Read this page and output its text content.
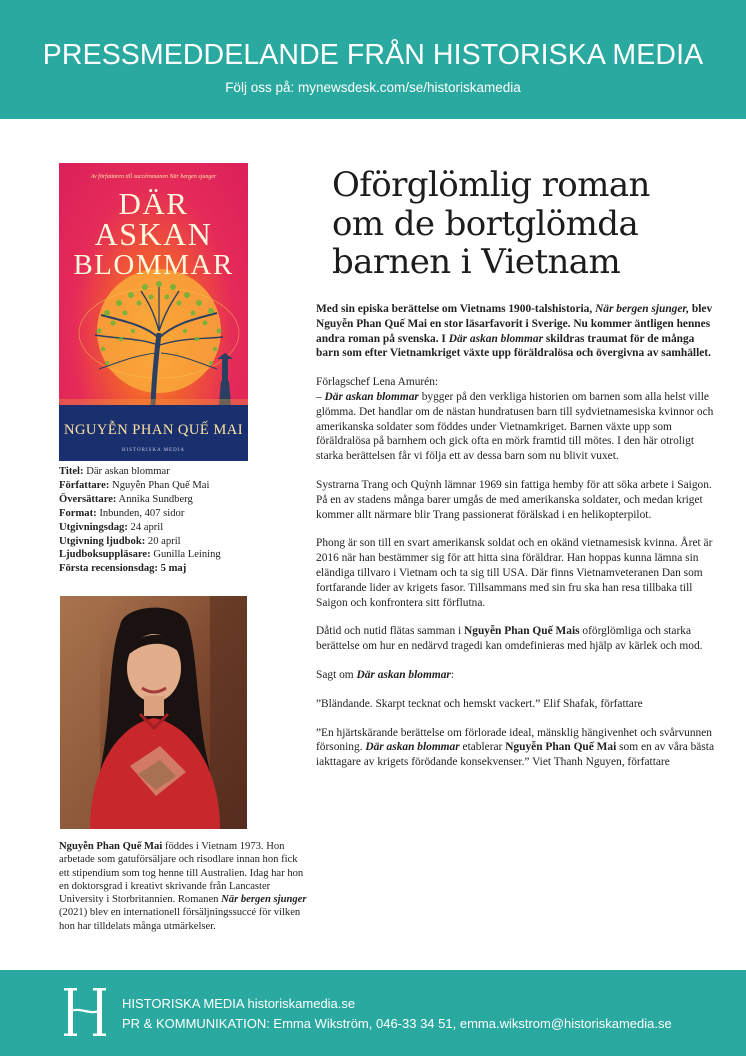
PRESSMEDDELANDE FRÅN HISTORISKA MEDIA
Följ oss på: mynewsdesk.com/se/historiskamedia
Av författaren till succéromanen När bergen sjunger
DÄR
ASKAN
BLOMMAR
NGUYỄN PHAN QUẾ MAI
HISTORISKA MEDIA
Titel: Där askan blommar
Författare: Nguyễn Phan Quế Mai
Översättare: Annika Sundberg
Format: Inbunden, 407 sidor
Utgivningsdag: 24 april
Utgivning ljudbok: 20 april
Ljudboksuppläsare: Gunilla Leining
Första recensionsdag: 5 maj
Nguyễn Phan Quế Mai föddes i Vietnam 1973. Hon arbetade som gatuförsäljare och risodlare innan hon fick ett stipendium som tog henne till Australien. Idag har hon en doktorsgrad i kreativt skrivande från Lancaster University i Storbritannien. Romanen När bergen sjunger (2021) blev en internationell försäljningssuccé för vilken hon har tilldelats många utmärkelser.
Oförglömlig roman
om de bortglömda
barnen i Vietnam

Med sin episka berättelse om Vietnams 1900-talshistoria, När bergen sjunger, blev Nguyễn Phan Quế Mai en stor läsarfavorit i Sverige. Nu kommer äntligen hennes andra roman på svenska. I Där askan blommar skildras traumat för de många barn som efter Vietnamkriget växte upp föräldralösa och övergivna av samhället.

Förlagschef Lena Amurén:
– Där askan blommar bygger på den verkliga historien om barnen som alla helst ville glömma. Det handlar om de nästan hundratusen barn till sydvietnamesiska kvinnor och amerikanska soldater som föddes under Vietnamkriget. Barnen växte upp som föräldralösa på barnhem och gick ofta en mörk framtid till mötes. I den här otroligt starka berättelsen får vi följa ett av dessa barn som nu blivit vuxet.

Systrarna Trang och Quỳnh lämnar 1969 sin fattiga hemby för att söka arbete i Saigon. På en av stadens många barer umgås de med amerikanska soldater, och medan kriget kommer allt närmare blir Trang passionerat förälskad i en helikopterpilot.

Phong är son till en svart amerikansk soldat och en okänd vietnamesisk kvinna. Året är 2016 när han bestämmer sig för att hitta sina föräldrar. Han hoppas kunna lämna sin eländiga tillvaro i Vietnam och ta sig till USA. Där finns Vietnamveteranen Dan som fortfarande lider av krigets fasor. Tillsammans med sin fru ska han resa tillbaka till Saigon och konfrontera sitt förflutna.

Dåtid och nutid flätas samman i Nguyễn Phan Quế Mais oförglömliga och starka berättelse om hur en nedärvd tragedi kan omdefinieras med hjälp av kärlek och mod.

Sagt om Där askan blommar:

”Bländande. Skarpt tecknat och hemskt vackert.” Elif Shafak, författare

”En hjärtskärande berättelse om förlorade ideal, mänsklig hängivenhet och svårvunnen försoning. Där askan blommar etablerar Nguyễn Phan Quế Mai som en av våra bästa iakttagare av krigets förödande konsekvenser.” Viet Thanh Nguyen, författare

HISTORISKA MEDIA historiskamedia.se
PR & KOMMUNIKATION: Emma Wikström, 046-33 34 51, emma.wikstrom@historiskamedia.se
